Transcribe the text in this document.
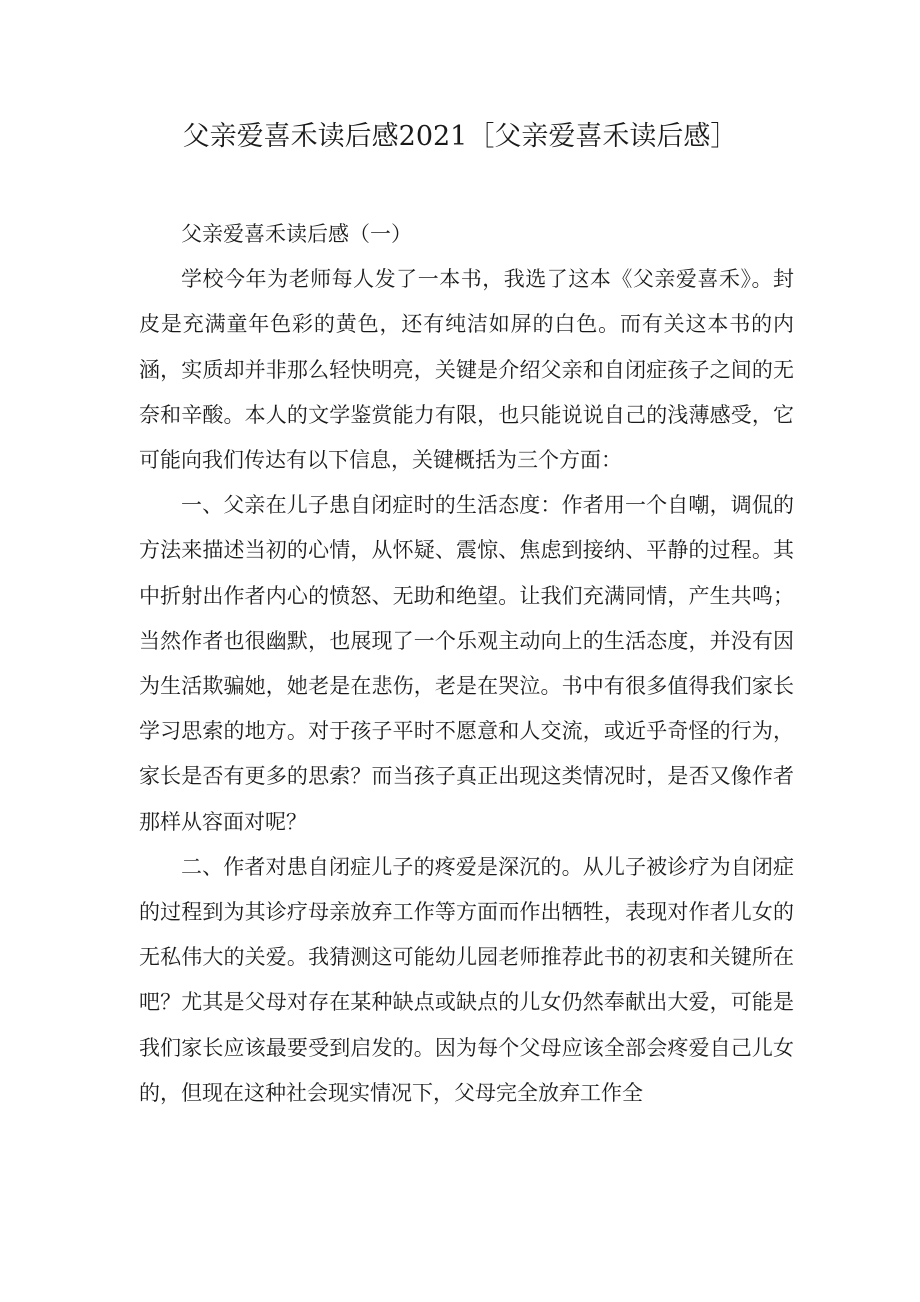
父亲爱喜禾读后感2021［父亲爱喜禾读后感］

父亲爱喜禾读后感（一）

学校今年为老师每人发了一本书，我选了这本《父亲爱喜禾》。封皮是充满童年色彩的黄色，还有纯洁如屏的白色。而有关这本书的内涵，实质却并非那么轻快明亮，关键是介绍父亲和自闭症孩子之间的无奈和辛酸。本人的文学鉴赏能力有限，也只能说说自己的浅薄感受，它可能向我们传达有以下信息，关键概括为三个方面：

一、父亲在儿子患自闭症时的生活态度：作者用一个自嘲，调侃的方法来描述当初的心情，从怀疑、震惊、焦虑到接纳、平静的过程。其中折射出作者内心的愤怒、无助和绝望。让我们充满同情，产生共鸣；当然作者也很幽默，也展现了一个乐观主动向上的生活态度，并没有因为生活欺骗她，她老是在悲伤，老是在哭泣。书中有很多值得我们家长学习思索的地方。对于孩子平时不愿意和人交流，或近乎奇怪的行为，家长是否有更多的思索？而当孩子真正出现这类情况时，是否又像作者那样从容面对呢？

二、作者对患自闭症儿子的疼爱是深沉的。从儿子被诊疗为自闭症的过程到为其诊疗母亲放弃工作等方面而作出牺牲，表现对作者儿女的无私伟大的关爱。我猜测这可能幼儿园老师推荐此书的初衷和关键所在吧？尤其是父母对存在某种缺点或缺点的儿女仍然奉献出大爱，可能是我们家长应该最要受到启发的。因为每个父母应该全部会疼爱自己儿女的，但现在这种社会现实情况下，父母完全放弃工作全
